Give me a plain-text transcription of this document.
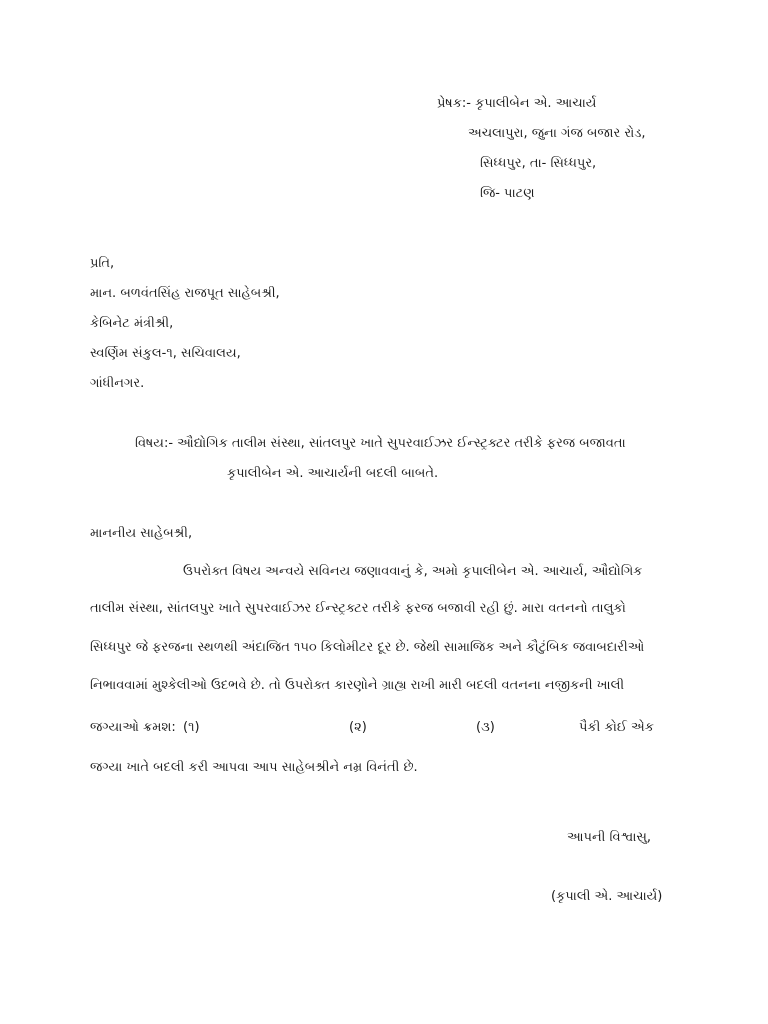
પ્રેષક:- કૃપાલીબેન એ. આચાર્ય
અચલાપુરા, જુના ગંજ બજાર રોડ,
સિધ્ધપુર, તા- સિધ્ધપુર,
જિ- પાટણ
પ્રતિ,
માન. બળવંતસિંહ રાજપૂત સાહેબશ્રી,
કેબિનેટ મંત્રીશ્રી,
સ્વર્ણિમ સંકુલ-૧, સચિવાલય,
ગાંધીનગર.
વિષય:- ઔદ્યોગિક તાલીમ સંસ્થા, સાંતલપુર ખાતે સુપરવાઈઝર ઈન્સ્ટ્રક્ટર તરીકે ફરજ બજાવતા
કૃપાલીબેન એ. આચાર્યની બદલી બાબતે.
માનનીય સાહેબશ્રી,
ઉપરોક્ત વિષય અન્વયે સવિનય જણાવવાનું કે, અમો કૃપાલીબેન એ. આચાર્ય, ઔદ્યોગિક
તાલીમ સંસ્થા, સાંતલપુર ખાતે સુપરવાઈઝર ઈન્સ્ટ્રક્ટર તરીકે ફરજ બજાવી રહી છું. મારા વતનનો તાલુકો
સિધ્ધપુર જે ફરજના સ્થળથી અંદાજિત ૧૫૦ કિલોમીટર દૂર છે. જેથી સામાજિક અને કૌટુંબિક જવાબદારીઓ
નિભાવવામાં મુશ્કેલીઓ ઉદભવે છે. તો ઉપરોક્ત કારણોને ગ્રાહ્ય રાખી મારી બદલી વતનના નજીકની ખાલી
જગ્યાઓ ક્રમશ: (૧)	(૨)	(૩)	પૈકી કોઈ એક
જગ્યા ખાતે બદલી કરી આપવા આપ સાહેબશ્રીને નમ્ર વિનંતી છે.
આપની વિશ્વાસુ,
(કૃપાલી એ. આચાર્ય)
